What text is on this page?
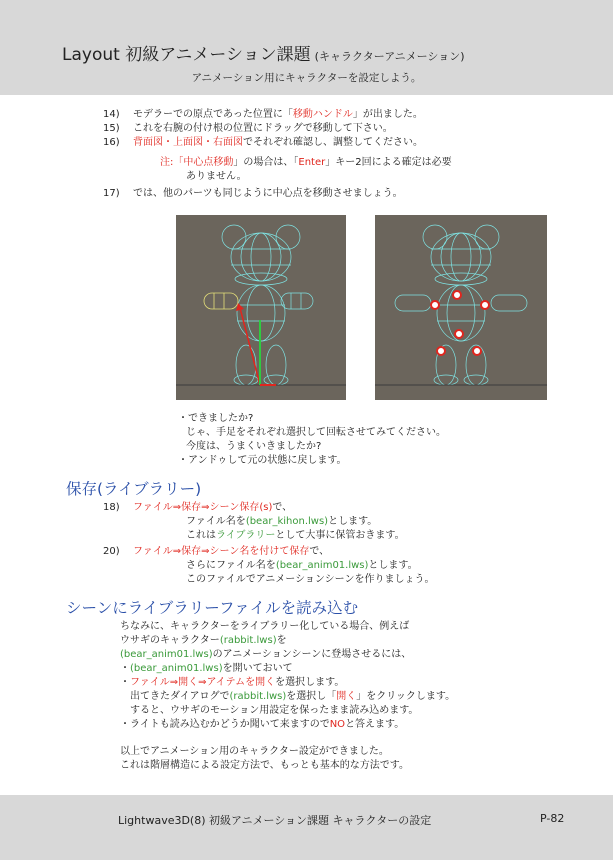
Layout 初級アニメーション課題 (キャラクターアニメーション)
アニメーション用にキャラクターを設定しよう。
14) モデラーでの原点であった位置に「移動ハンドル」が出ました。
15) これを右腕の付け根の位置にドラッグで移動して下さい。
16) 背面図・上面図・右面図でそれぞれ確認し、調整してください。
注:「中心点移動」の場合は、「Enter」キー2回による確定は必要
ありません。
17) では、他のパーツも同じように中心点を移動させましょう。
・できましたか?
じゃ、手足をそれぞれ選択して回転させてみてください。
今度は、うまくいきましたか?
・アンドゥして元の状態に戻します。
保存(ライブラリー)
18) ファイル⇒保存⇒シーン保存(s)で、
ファイル名を(bear_kihon.lws)とします。
これはライブラリーとして大事に保管おきます。
20) ファイル⇒保存⇒シーン名を付けて保存で、
さらにファイル名を(bear_anim01.lws)とします。
このファイルでアニメーションシーンを作りましょう。
シーンにライブラリーファイルを読み込む
ちなみに、キャラクターをライブラリー化している場合、例えば
ウサギのキャラクター(rabbit.lws)を
(bear_anim01.lws)のアニメーションシーンに登場させるには、
・(bear_anim01.lws)を開いておいて
・ファイル⇒開く⇒アイテムを開くを選択します。
出てきたダイアログで(rabbit.lws)を選択し「開く」をクリックします。
すると、ウサギのモーション用設定を保ったまま読み込めます。
・ライトも読み込むかどうか聞いて来ますのでNOと答えます。
以上でアニメーション用のキャラクター設定ができました。
これは階層構造による設定方法で、もっとも基本的な方法です。
Lightwave3D(8) 初級アニメーション課題 キャラクターの設定	P-82
